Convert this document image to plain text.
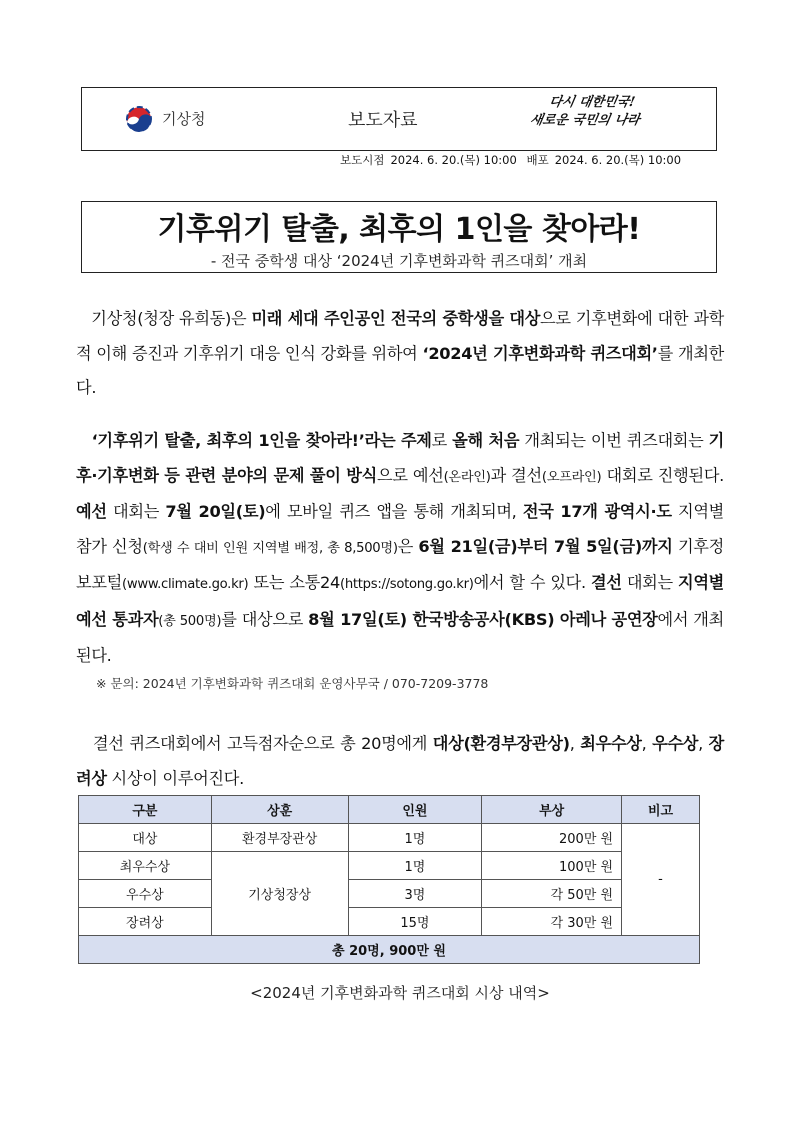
기상청	보도자료
다시 대한민국!
새로운 국민의 나라
보도시점 2024. 6. 20.(목) 10:00 배포 2024. 6. 20.(목) 10:00
기후위기 탈출, 최후의 1인을 찾아라!
- 전국 중학생 대상 ‘2024년 기후변화과학 퀴즈대회’ 개최
기상청(청장 유희동)은 미래 세대 주인공인 전국의 중학생을 대상으로 기후변화에 대한 과학적 이해 증진과 기후위기 대응 인식 강화를 위하여 ‘2024년 기후변화과학 퀴즈대회’를 개최한다.
‘기후위기 탈출, 최후의 1인을 찾아라!’라는 주제로 올해 처음 개최되는 이번 퀴즈대회는 기후·기후변화 등 관련 분야의 문제 풀이 방식으로 예선(온라인)과 결선(오프라인) 대회로 진행된다. 예선 대회는 7월 20일(토)에 모바일 퀴즈 앱을 통해 개최되며, 전국 17개 광역시·도 지역별 참가 신청(학생 수 대비 인원 지역별 배정, 총 8,500명)은 6월 21일(금)부터 7월 5일(금)까지 기후정보포털(www.climate.go.kr) 또는 소통24(https://sotong.go.kr)에서 할 수 있다. 결선 대회는 지역별 예선 통과자(총 500명)를 대상으로 8월 17일(토) 한국방송공사(KBS) 아레나 공연장에서 개최된다.
※ 문의: 2024년 기후변화과학 퀴즈대회 운영사무국 / 070-7209-3778
결선 퀴즈대회에서 고득점자순으로 총 20명에게 대상(환경부장관상), 최우수상, 우수상, 장려상 시상이 이루어진다.
구분	상훈	인원	부상	비고
대상	환경부장관상	1명	200만 원	-
최우수상	기상청장상	1명	100만 원	
우수상		3명	각 50만 원	
장려상		15명	각 30만 원	
총 20명, 900만 원				
<2024년 기후변화과학 퀴즈대회 시상 내역>
